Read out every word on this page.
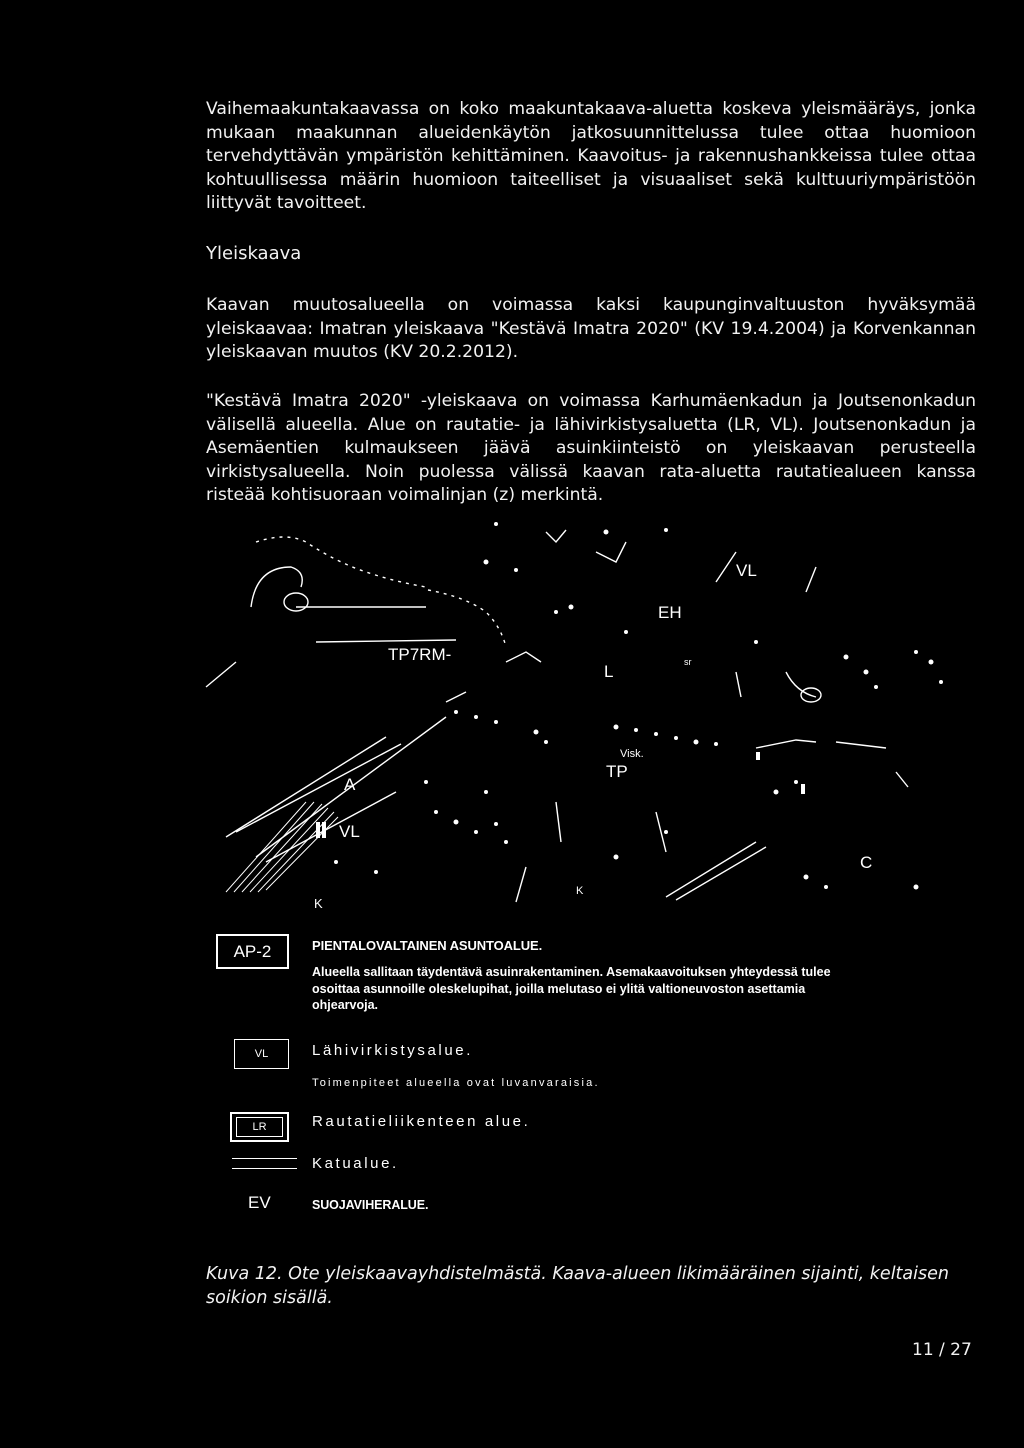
Vaihemaakuntakaavassa on koko maakuntakaava-aluetta koskeva yleismääräys, jonka mukaan maakunnan alueidenkäytön jatkosuunnittelussa tulee ottaa huomioon tervehdyttävän ympäristön kehittäminen. Kaavoitus- ja rakennushankkeissa tulee ottaa kohtuullisessa määrin huomioon taiteelliset ja visuaaliset sekä kulttuuriympäristöön liittyvät tavoitteet.

Yleiskaava

Kaavan muutosalueella on voimassa kaksi kaupunginvaltuuston hyväksymää yleiskaavaa: Imatran yleiskaava "Kestävä Imatra 2020" (KV 19.4.2004) ja Korvenkannan yleiskaavan muutos (KV 20.2.2012).

"Kestävä Imatra 2020" -yleiskaava on voimassa Karhumäenkadun ja Joutsenonkadun välisellä alueella. Alue on rautatie- ja lähivirkistysaluetta (LR, VL). Joutsenonkadun ja Asemäentien kulmaukseen jäävä asuinkiinteistö on yleiskaavan perusteella virkistysalueella. Noin puolessa välissä kaavan rata-aluetta rautatiealueen kanssa risteää kohtisuoraan voimalinjan (z) merkintä.

VL
EH
TP7RM-
L	sr
Visk.
TP
A
VL
C
K
K
AP-2	PIENTALOVALTAINEN ASUNTOALUE.
Alueella sallitaan täydentävä asuinrakentaminen. Asemakaavoituksen yhteydessä tulee osoittaa asunnoille oleskelupihat, joilla melutaso ei ylitä valtioneuvoston asettamia ohjearvoja.
VL	Lähivirkistysalue.
Toimenpiteet alueella ovat luvanvaraisia.
LR	Rautatieliikenteen alue.
Katualue.
EV	SUOJAVIHERALUE.

Kuva 12. Ote yleiskaavayhdistelmästä. Kaava-alueen likimääräinen sijainti, keltaisen soikion sisällä.

11 / 27
